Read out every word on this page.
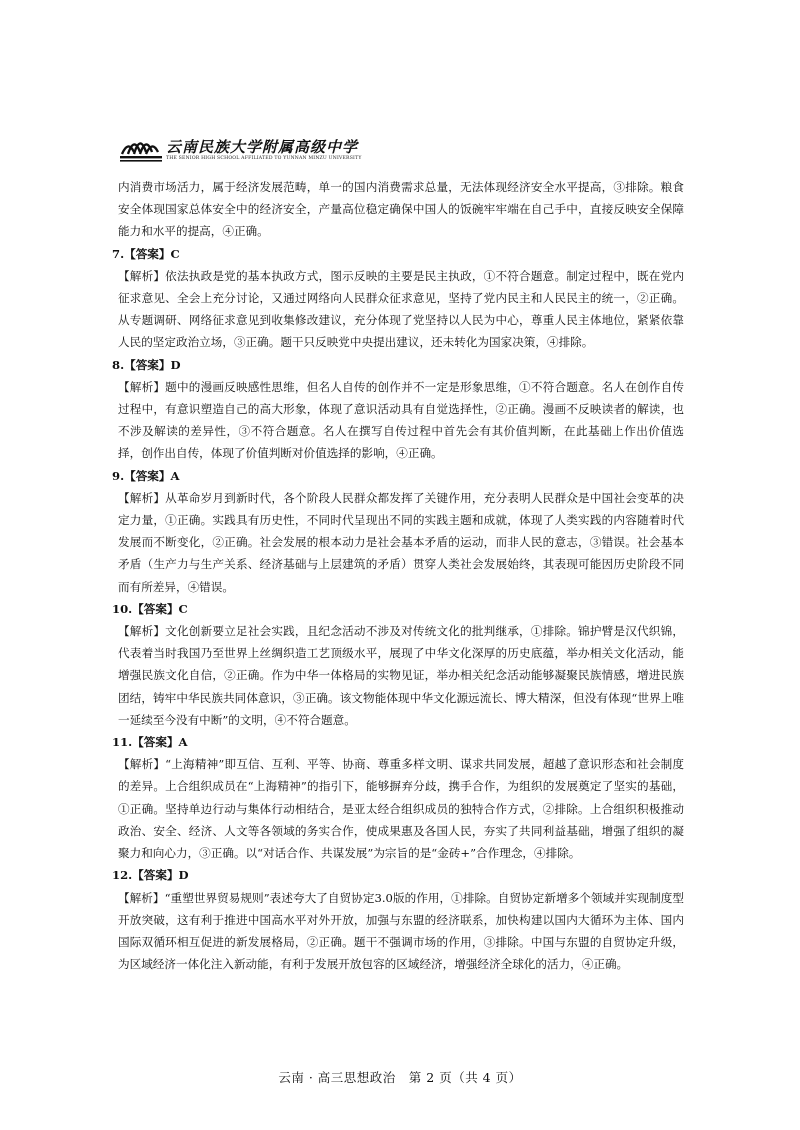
云南民族大学附属高级中学
THE SENIOR HIGH SCHOOL AFFILIATED TO YUNNAN MINZU UNIVERSITY

内消费市场活力，属于经济发展范畴，单一的国内消费需求总量，无法体现经济安全水平提高，③排除。粮食安全体现国家总体安全中的经济安全，产量高位稳定确保中国人的饭碗牢牢端在自己手中，直接反映安全保障能力和水平的提高，④正确。

7.【答案】C

【解析】依法执政是党的基本执政方式，图示反映的主要是民主执政，①不符合题意。制定过程中，既在党内征求意见、全会上充分讨论，又通过网络向人民群众征求意见，坚持了党内民主和人民民主的统一，②正确。从专题调研、网络征求意见到收集修改建议，充分体现了党坚持以人民为中心，尊重人民主体地位，紧紧依靠人民的坚定政治立场，③正确。题干只反映党中央提出建议，还未转化为国家决策，④排除。

8.【答案】D

【解析】题中的漫画反映感性思维，但名人自传的创作并不一定是形象思维，①不符合题意。名人在创作自传过程中，有意识塑造自己的高大形象，体现了意识活动具有自觉选择性，②正确。漫画不反映读者的解读，也不涉及解读的差异性，③不符合题意。名人在撰写自传过程中首先会有其价值判断，在此基础上作出价值选择，创作出自传，体现了价值判断对价值选择的影响，④正确。

9.【答案】A

【解析】从革命岁月到新时代，各个阶段人民群众都发挥了关键作用，充分表明人民群众是中国社会变革的决定力量，①正确。实践具有历史性，不同时代呈现出不同的实践主题和成就，体现了人类实践的内容随着时代发展而不断变化，②正确。社会发展的根本动力是社会基本矛盾的运动，而非人民的意志，③错误。社会基本矛盾（生产力与生产关系、经济基础与上层建筑的矛盾）贯穿人类社会发展始终，其表现可能因历史阶段不同而有所差异，④错误。

10.【答案】C

【解析】文化创新要立足社会实践，且纪念活动不涉及对传统文化的批判继承，①排除。锦护臂是汉代织锦，代表着当时我国乃至世界上丝绸织造工艺顶级水平，展现了中华文化深厚的历史底蕴，举办相关文化活动，能增强民族文化自信，②正确。作为中华一体格局的实物见证，举办相关纪念活动能够凝聚民族情感，增进民族团结，铸牢中华民族共同体意识，③正确。该文物能体现中华文化源远流长、博大精深，但没有体现“世界上唯一延续至今没有中断”的文明，④不符合题意。

11.【答案】A

【解析】“上海精神”即互信、互利、平等、协商、尊重多样文明、谋求共同发展，超越了意识形态和社会制度的差异。上合组织成员在“上海精神”的指引下，能够摒弃分歧，携手合作，为组织的发展奠定了坚实的基础，①正确。坚持单边行动与集体行动相结合，是亚太经合组织成员的独特合作方式，②排除。上合组织积极推动政治、安全、经济、人文等各领域的务实合作，使成果惠及各国人民，夯实了共同利益基础，增强了组织的凝聚力和向心力，③正确。以“对话合作、共谋发展”为宗旨的是“金砖+”合作理念，④排除。

12.【答案】D

【解析】“重塑世界贸易规则”表述夸大了自贸协定3.0版的作用，①排除。自贸协定新增多个领域并实现制度型开放突破，这有利于推进中国高水平对外开放，加强与东盟的经济联系，加快构建以国内大循环为主体、国内国际双循环相互促进的新发展格局，②正确。题干不强调市场的作用，③排除。中国与东盟的自贸协定升级，为区域经济一体化注入新动能，有利于发展开放包容的区域经济，增强经济全球化的活力，④正确。

云南 · 高三思想政治　第 2 页（共 4 页）
